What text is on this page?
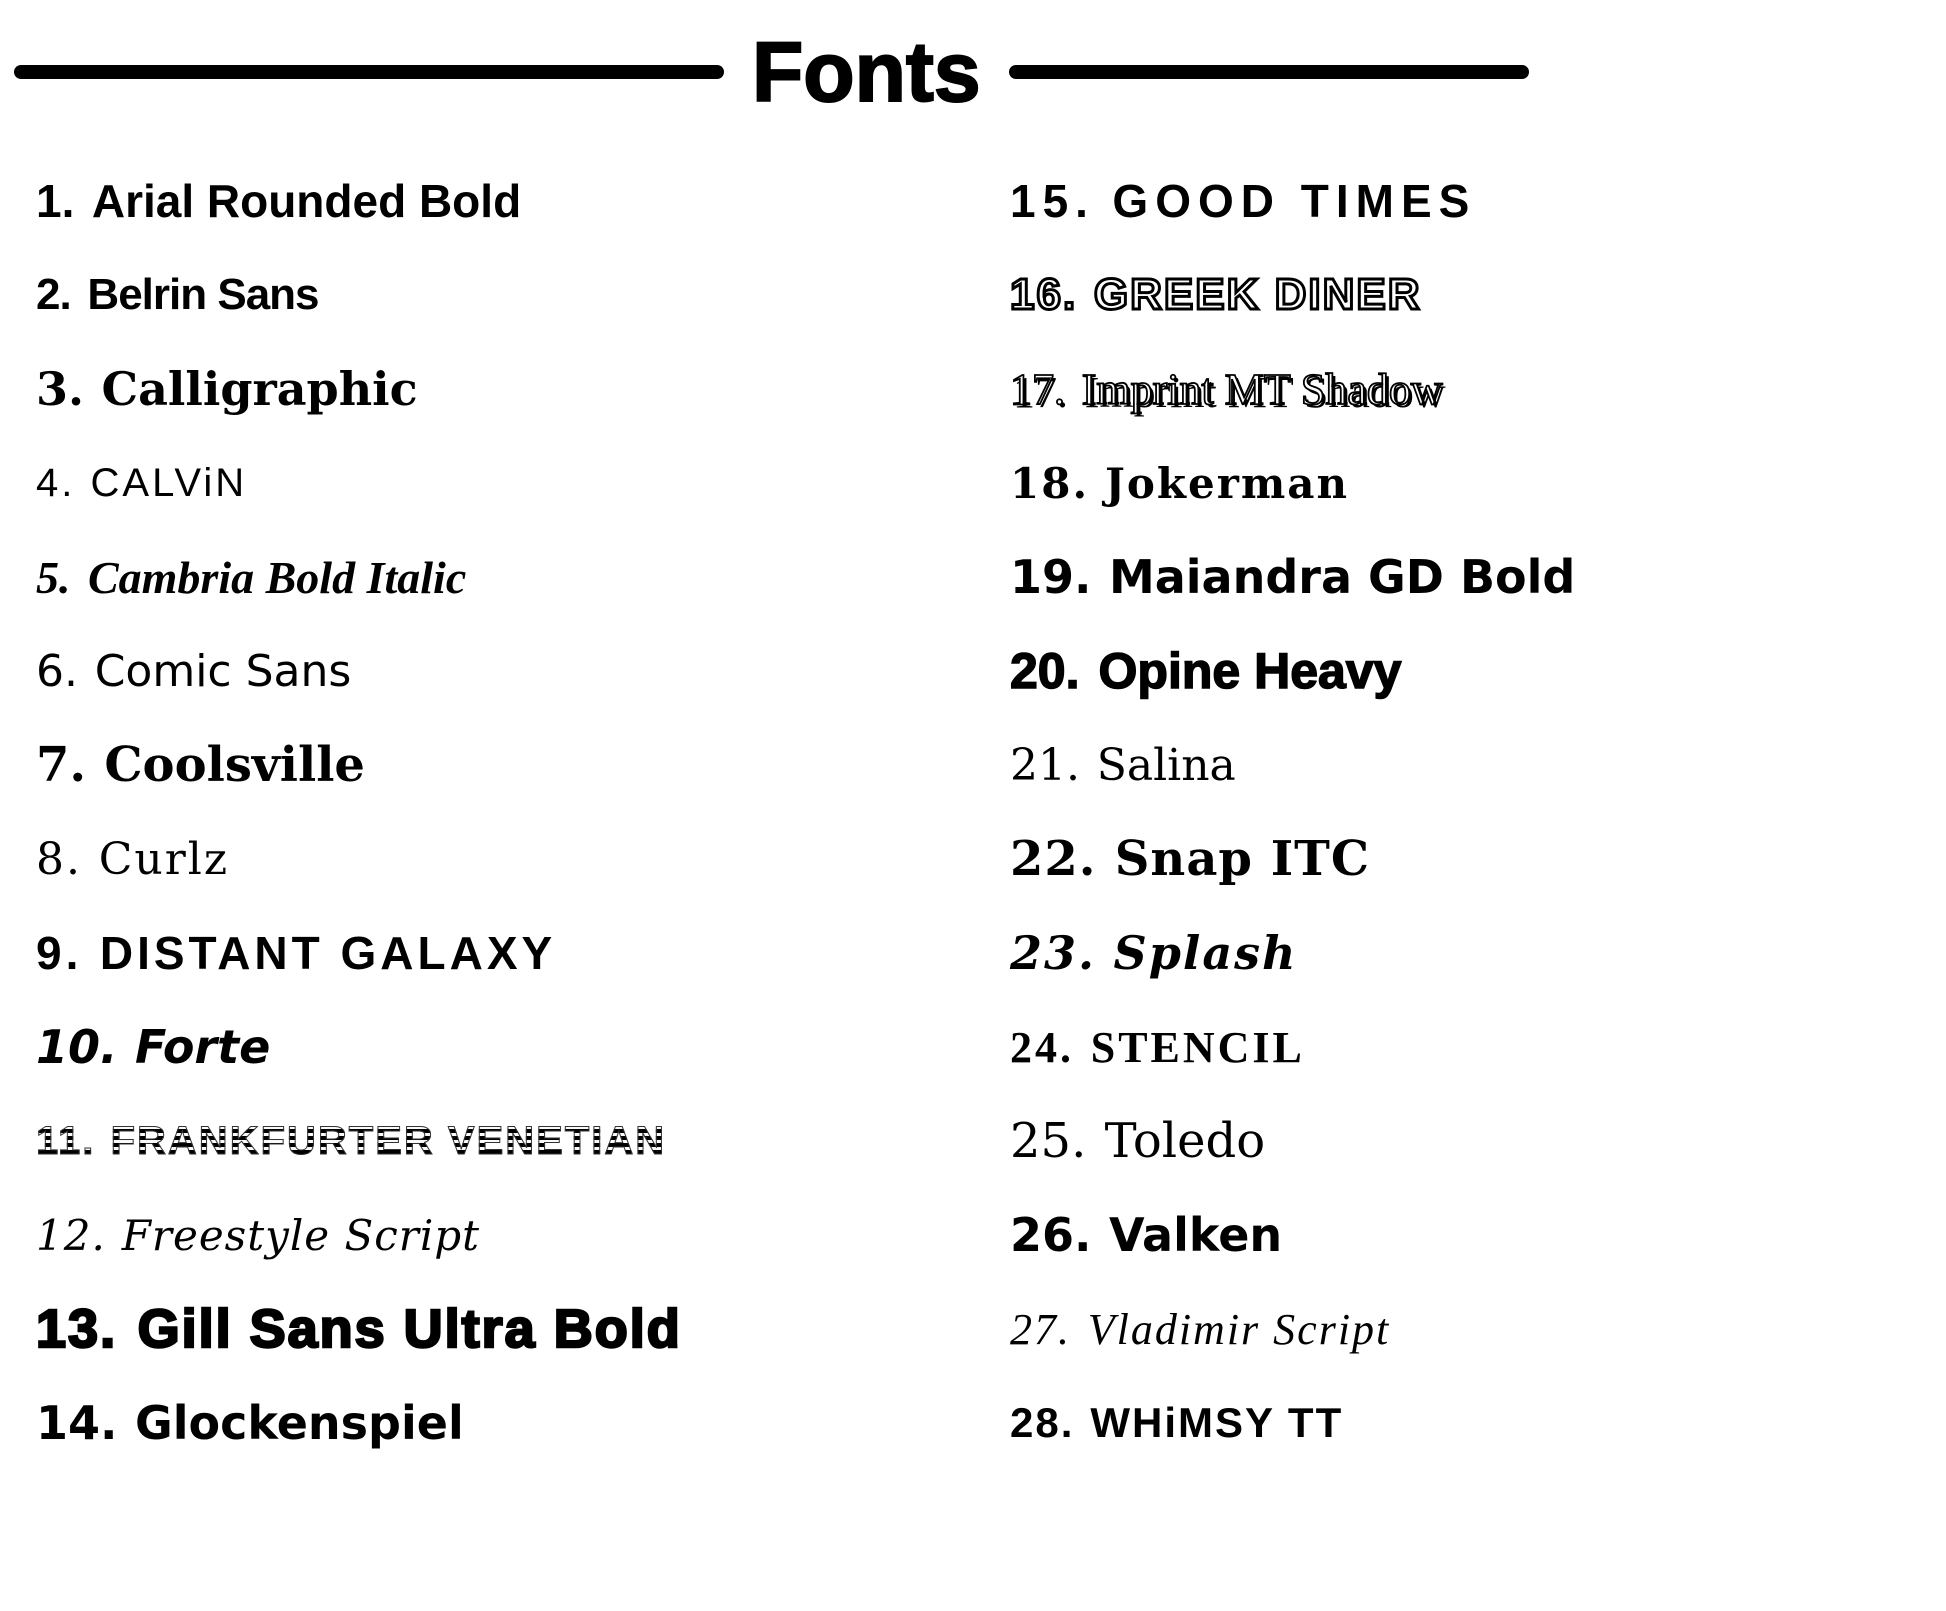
Fonts
1. Arial Rounded Bold
2. Belrin Sans
3. Calligraphic
4. CALViN
5. Cambria Bold Italic
6. Comic Sans
7. Coolsville
8. Curlz
9. DISTANT GALAXY
10. Forte
11. FRANKFURTER VENETIAN
12. Freestyle Script
13. Gill Sans Ultra Bold
14. Glockenspiel
15. GOOD TIMES
16. GREEK DINER
17. Imprint MT Shadow
18. Jokerman
19. Maiandra GD Bold
20. Opine Heavy
21. Salina
22. Snap ITC
23. Splash
24. STENCIL
25. Toledo
26. Valken
27. Vladimir Script
28. WHiMSY TT
